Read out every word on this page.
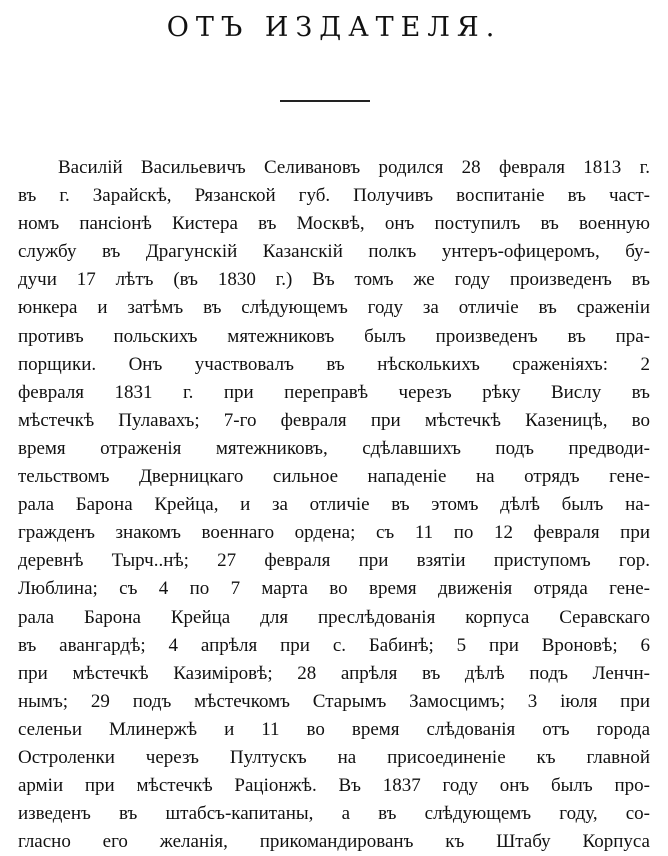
ОТЪ ИЗДАТЕЛЯ.
Василій Васильевичъ Селивановъ родился 28 февраля 1813 г.
въ г. Зарайскѣ, Рязанской губ. Получивъ воспитаніе въ част-
номъ пансіонѣ Кистера въ Москвѣ, онъ поступилъ въ военную
службу въ Драгунскій Казанскій полкъ унтеръ-офицеромъ, бу-
дучи 17 лѣтъ (въ 1830 г.) Въ томъ же году произведенъ въ
юнкера и затѣмъ въ слѣдующемъ году за отличіе въ сраженіи
противъ польскихъ мятежниковъ былъ произведенъ въ пра-
порщики. Онъ участвовалъ въ нѣсколькихъ сраженіяхъ: 2
февраля 1831 г. при переправѣ черезъ рѣку Вислу въ
мѣстечкѣ Пулавахъ; 7-го февраля при мѣстечкѣ Казеницѣ, во
время отраженія мятежниковъ, сдѣлавшихъ подъ предводи-
тельствомъ Дверницкаго сильное нападеніе на отрядъ гене-
рала Барона Крейца, и за отличіе въ этомъ дѣлѣ былъ на-
гражденъ знакомъ военнаго ордена; съ 11 по 12 февраля при
деревнѣ Тырч..нѣ; 27 февраля при взятіи приступомъ гор.
Люблина; съ 4 по 7 марта во время движенія отряда гене-
рала Барона Крейца для преслѣдованія корпуса Серавскаго
въ авангардѣ; 4 апрѣля при с. Бабинѣ; 5 при Вроновѣ; 6
при мѣстечкѣ Казиміровѣ; 28 апрѣля въ дѣлѣ подъ Ленчн-
нымъ; 29 подъ мѣстечкомъ Старымъ Замосцимъ; 3 іюля при
селеньи Млинержѣ и 11 во время слѣдованія отъ города
Остроленки черезъ Пултускъ на присоединеніе къ главной
арміи при мѣстечкѣ Раціонжѣ. Въ 1837 году онъ былъ про-
изведенъ въ штабсъ-капитаны, а въ слѣдующемъ году, со-
гласно его желанія, прикомандированъ къ Штабу Корпуса
